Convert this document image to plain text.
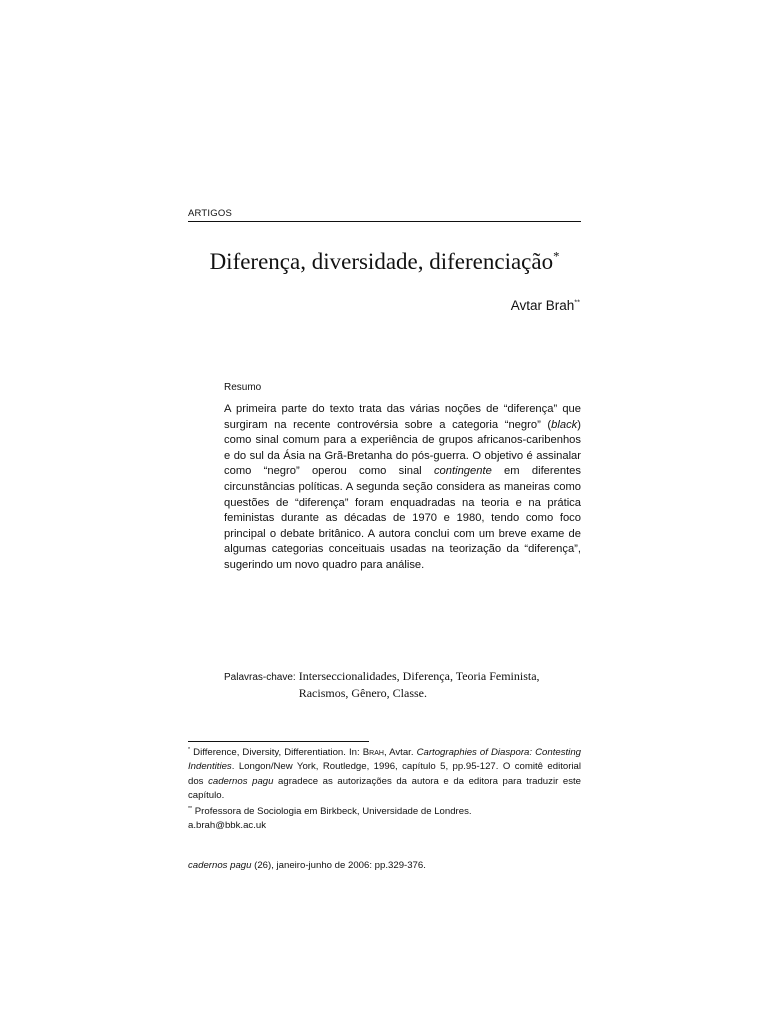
ARTIGOS
Diferença, diversidade, diferenciação*
Avtar Brah**
Resumo

A primeira parte do texto trata das várias noções de “diferença” que surgiram na recente controvérsia sobre a categoria “negro” (black) como sinal comum para a experiência de grupos africanos-caribenhos e do sul da Ásia na Grã-Bretanha do pós-guerra. O objetivo é assinalar como “negro” operou como sinal contingente em diferentes circunstâncias políticas. A segunda seção considera as maneiras como questões de “diferença” foram enquadradas na teoria e na prática feministas durante as décadas de 1970 e 1980, tendo como foco principal o debate britânico. A autora conclui com um breve exame de algumas categorias conceituais usadas na teorização da “diferença”, sugerindo um novo quadro para análise.

Palavras-chave: Interseccionalidades, Diferença, Teoria Feminista, Racismos, Gênero, Classe.

* Difference, Diversity, Differentiation. In: Brah, Avtar. Cartographies of Diaspora: Contesting Indentities. Longon/New York, Routledge, 1996, capítulo 5, pp.95-127. O comitê editorial dos cadernos pagu agradece as autorizações da autora e da editora para traduzir este capítulo.

** Professora de Sociologia em Birkbeck, Universidade de Londres.
a.brah@bbk.ac.uk

cadernos pagu (26), janeiro-junho de 2006: pp.329-376.
